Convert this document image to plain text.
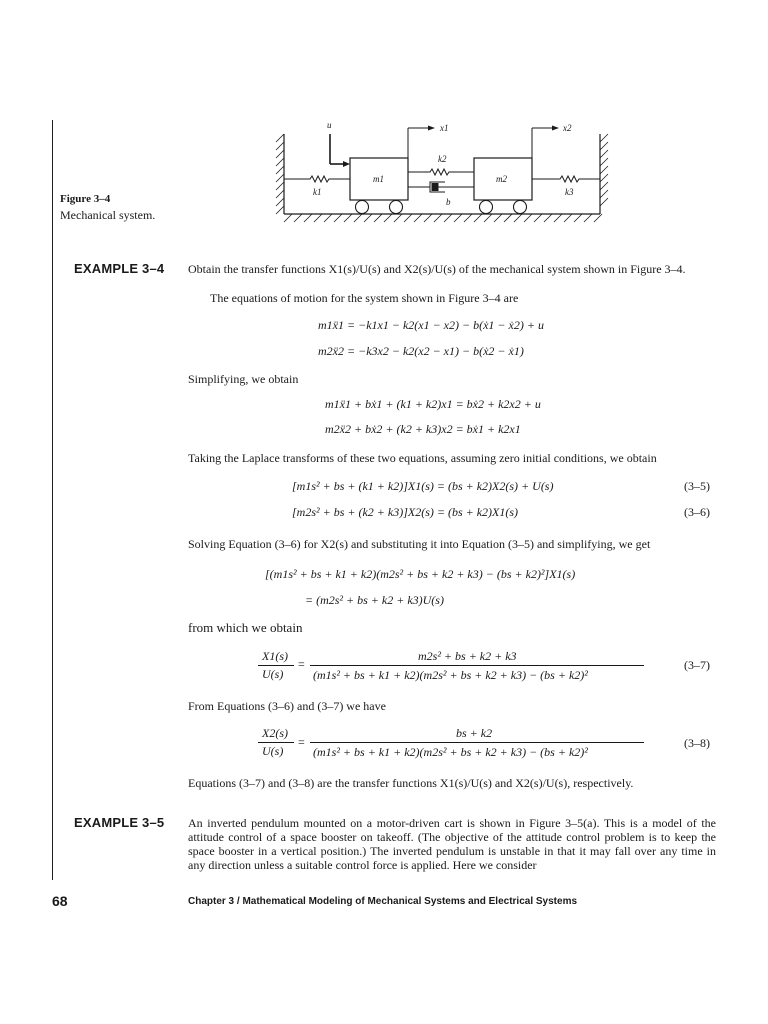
u	x1	x2
k1
k2
k3
m1	m2
b
Figure 3–4
Mechanical system.
EXAMPLE 3–4 Obtain the transfer functions X1(s)/U(s) and X2(s)/U(s) of the mechanical system shown in Figure 3–4.
The equations of motion for the system shown in Figure 3–4 are
m1ẍ1 = −k1x1 − k2(x1 − x2) − b(ẋ1 − ẋ2) + u
m2ẍ2 = −k3x2 − k2(x2 − x1) − b(ẋ2 − ẋ1)
Simplifying, we obtain
m1ẍ1 + bẋ1 + (k1 + k2)x1 = bẋ2 + k2x2 + u
m2ẍ2 + bẋ2 + (k2 + k3)x2 = bẋ1 + k2x1
Taking the Laplace transforms of these two equations, assuming zero initial conditions, we obtain
[m1s² + bs + (k1 + k2)]X1(s) = (bs + k2)X2(s) + U(s)	(3–5)
[m2s² + bs + (k2 + k3)]X2(s) = (bs + k2)X1(s)	(3–6)
Solving Equation (3–6) for X2(s) and substituting it into Equation (3–5) and simplifying, we get
[(m1s² + bs + k1 + k2)(m2s² + bs + k2 + k3) − (bs + k2)²]X1(s)
= (m2s² + bs + k2 + k3)U(s)
from which we obtain
X1(s)
U(s)
=
m2s² + bs + k2 + k3
(m1s² + bs + k1 + k2)(m2s² + bs + k2 + k3) − (bs + k2)²
(3–7)
From Equations (3–6) and (3–7) we have
X2(s)
U(s)
=
bs + k2
(m1s² + bs + k1 + k2)(m2s² + bs + k2 + k3) − (bs + k2)²
(3–8)
Equations (3–7) and (3–8) are the transfer functions X1(s)/U(s) and X2(s)/U(s), respectively.
EXAMPLE 3–5 An inverted pendulum mounted on a motor-driven cart is shown in Figure 3–5(a). This is a model of the attitude control of a space booster on takeoff. (The objective of the attitude control problem is to keep the space booster in a vertical position.) The inverted pendulum is unstable in that it may fall over any time in any direction unless a suitable control force is applied. Here we consider
68	Chapter 3 / Mathematical Modeling of Mechanical Systems and Electrical Systems
